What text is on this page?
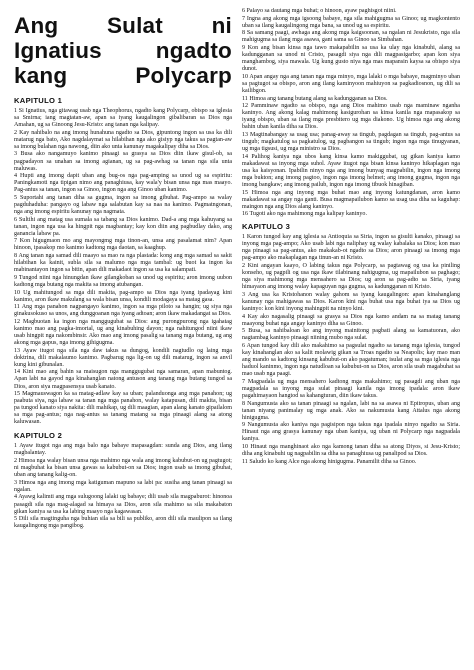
Ang Sulat ni Ignatius ngadto kang Polycarp
KAPITULO 1

1 Si Ignatius, nga gitawag usab nga Theophorus, ngadto kang Polycarp, obispo sa iglesia sa Smirna; iang magtatan-aw, apan sa iyang kaugalingon gibalibaran sa Dios nga Amahan, ug sa Ginoong Jesu-Kristo: ang tanan nga kalipay.

2 Kay nahibalo na ang imong hunahuna ngadto sa Dios, gipuntong ingon sa usa ka dili matarug nga bato, Ako nagdalaymat sa hilabihan nga ako gisiyp nga takus sa pagtan-aw sa imong bulahan nga nawong, diin ako unta kanunay magakalipay diha sa Dios.

3 Busa ako nangamuyo kanimo pinaagi sa grasya sa Dios diin ikaw gisul-ob, sa pagpadayon sa unahan sa imong agianan, ug sa pag-awhag sa tanan nga sila unta maluwas.

4 Hupti ang imong dapit uban ang bug-os nga pag-amping sa unod ug sa espiritu: Paningkamoti nga tipigan nimo ang panaghiusa, kay wala'y bisan unsa nga mas maayo. Pag-antus sa tanan, ingon sa Ginoo, ingon nga ang Ginoo uban kanimo.

5 Suportahi ang tanan diha sa gugma, ingon sa imong gibuhat. Pag-ampo sa walay pagduhaduha: pangayo og labaw nga salabutan kay sa naa na kanimo. Pagmatngonan, nga ang imong espiritu kanunay nga nagmata.

6 Sultihi ang matag usa sumala sa tabang sa Dios kanimo. Dad-a ang mga kahuyang sa tanan, ingon nga usa ka hingpit nga magbantay; kay kon diin ang pagbudlay dako, ang ganancia labaw pa.

7 Kon higugmaon mo ang mayongmg mga tinon-an, unsa ang pasalamat nim? Apan hinoon, ipasakop mo kanimo kadtong mga daotan, sa kaaghup.

8 Ang tanan nga samad dili maayo sa mao ra nga plastada: kong ang mga samad sa sakit hilabihan ka kainit, subla sila sa malumo nga mga tambal: ug buot ka ingon ka mabinantayon ingon sa bitin, apan dili makadaot ingon sa usa ka salampati.

9 Tungod niini nga hinungdan ikaw gilangkoban sa unod ug espiritu; aron imong uubon kadtong mga butang nga makita sa imong atubangan.

10 Ug mahitungod sa mga dili makita, pag-ampo sa Dios nga iyang ipadayag kini kanimo, aron ikaw makulang sa wala bisan unsa, kondili modagaya sa matag gasa.

11 Ang mga panahon nagpangayo kanimo, ingon sa mga piloto sa hangin; ug siya nga ginakusokuso sa unos, ang dunggoanan nga iyang adtoan; aron ikaw makadangat sa Dios.

12 Magbuotan ka ingon nga manggugubat sa Dios: ang purongpurong nga igahatag kanimo mao ang pagka-imortal, ug ang kinabuhing dayon; nga nahitungod niini ikaw usab hingpit nga nakombinsir. Ako mao ang imong pasalig sa tanang mga butang, ug ang akong mga gapus, nga imong gihigugma.

13 Ayaw itugot nga sila nga daw takus sa dungog, kondili nagtudlo og laing mga doktrina, dili makalaumo kanimo. Pagbarug nga lig-on ug dili matarug, ingon sa anvil kung kini gibunalan.

14 Kini mao ang bahin sa maisugon nga manggugubat nga samaran, apan mabuntog. Apan labi na gayod nga kinahanglan natong antuson ang tanang mga butang tungod sa Dios, aron siya magpasensya usab kanato.

15 Magmauswagon ka sa matag-adlaw kay sa uban; palanduonga ang mga panahon; ug paabuta siya, nga labaw sa tanan nga mga panahon, walay katapusan, dili makita, bisan pa tungod kanato siya nakita: dili mahikap, ug dili maagian, apan alang kanato gipailalom sa mga pag-antus; nga nag-antus sa tanang matang sa mga pinaagi alang sa atong kaluwasan.

KAPITULO 2

1 Ayaw itugot nga ang mga balo nga babaye mapasagdan: sunda ang Dios, ang ilang magbalantay.

2 Himoa nga walay bisan unsa nga mahimo nga wala ang imong kabubut-on ug pagtugot; ni magbuhat ka bisan unsa gawas sa kabubut-on sa Dios; ingon usab sa imong gibuhat, uban ang tanang kalig-on.

3 Himoa nga ang imong mga katiguman mapuno sa labi pa: susiha ang tanan pinaagi sa ngalan.

4 Ayawg kalimti ang mga sulugoong lalaki ug babaye; dili usab sila magpaburot: hinonoa pasagdi sila nga mag-alagad sa himaya sa Dios, aron sila mahimo sa sila makabaton gikan kaniya sa usa ka labing maayo nga kagawasan.

5 Dili sila magtinguha nga buhian sila sa bili sa publiko, aron dili sila maulipon sa ilang kaugalingong mga pangibog.

6 Palayo sa dautang mga buhat; o hinoon, ayaw paghisgot niini.

7 Ingna ang akong mga igsoong babaye, nga sila mahigugma sa Ginoo; ug magkontento uban sa ilang kaugalingong mga bana, sa unod ug sa espiritu.

8 Sa samang paagi, awhaga ang akong mga kaigsoonan, sa ngalan ni Jesukristo, nga sila mahigugma sa ilang mga asawa, gani sama sa Ginoo sa Simbahan.

9 Kon ang bisan kinsa nga tawo makapabilin sa usa ka ulay nga kinabuhi, alang sa kadungganan sa unod ni Cristo, pasagdi siya nga dili magpasigarbo; apan kon siya manghambog, siya mawala. Ug kung gusto niya nga mas mapansin kaysa sa obispo siya dunot.

10 Apan angay nga ang tanan nga mga minyo, mga lalaki o mga babaye, magminyo uban sa pagtugot sa obispo, aron ang ilang kaminyoon mahiuyon sa pagkadiosnon, ug dili sa kailibgon.

11 Himoa ang tanang butang alang sa kadungganan sa Dios.

12 Pamminaw ngadto sa obispo, nga ang Dios mahimo usab nga maminaw nganha kaninyo. Ang akong kalag mahimong kasigurohan sa kinsa kanila nga mapasakop sa iyang obispo, uban sa ilang mga presbitero ug mga diakono. Ug himoa nga ang akong bahin uban kanila diha sa Dios.

13 Magtinabangay sa usag usa; panag-away sa tingub, pagdagan sa tingub, pag-antus sa tingub; magkatulog sa pagkatulog, ug pagbangon sa tingub; ingon nga mga tinugyanan, ug mga tigsusi, ug mga ministro sa Dios.

14 Palihog kaniya nga ubos kang kinsa kamo makiggubat, ug gikan kaniya kamo makadawat sa inyong mga suhol. Ayaw itugot nga bisan kinsa kaninyo hikaplagan nga usa ka kaisyonan. Ipabilin ninyo nga ang imong bunyag magpabilin, ingon nga imong mga bukton; ang imong pagtoo, ingon nga imong helmet; ang imong gugma, ingon nga imong bangkaw; ang imong pailub, ingon nga imong tibuok hinagiban.

15 Himoa nga ang inyong mga buhat mao ang inyong katungdanan, aron kamo makadawat sa angay nga ganti. Busa magmapailubon kamo sa usag usa diha sa kaguhap: maingon nga ang Dios alang kaninyo.

16 Tugoti ako nga mahimong mga kalipay kaninyo.

KAPITULO 3

1 Karon tungod kay ang iglesia sa Antioquia sa Siria, ingon sa gisulti kanako, pinaagi sa inyong mga pag-ampo; Ako usab labi nga naliphay ug walay kabalaka sa Dios; kon mao nga pinaagi sa pag-antus, ako makakab-ot ngadto sa Dios; aron pinaagi sa imong mga pag-ampo ako makaplagan nga tinun-an ni Kristo.

2 Kini angayan kaayo, O labing takus nga Polycarp, sa pagtawag og usa ka piniling konseho, ug pagpili og usa nga ikaw tilabinang nahigugma, ug mapailubon sa paghago; nga siya mahimong mga mensahero sa Dios; ug aron sa pag-adto sa Siria, iyang himayaon ang imong walay kapaguyan nga gugma, sa kadungganan ni Kristo.

3 Ang usa ka Kristohanon walay gahom sa iyang kaugalingon: apan kinahanglang kanunay nga mahigawas sa Dios. Karon kini nga buhat usa nga buhat iya sa Dios ug kaninyo: kon kini inyong mahingpit na ninyo kini.

4 Kay ako nagasalig pinaagi sa grasya sa Dios nga kamo andam na sa matag tanang maayong buhat nga angay kaninyo diha sa Ginoo.

5 Busa, sa nahibaloan ko ang inyong mainitong pagbati alang sa kamatuoran, ako nagtambag kaninyo pinaagi niining mubo nga sulat.

6 Apan tungod kay dili ako makahimo sa pagsulat ngadto sa tanang mga iglesia, tungod kay kinahanglan ako sa kalit molawig gikan sa Troas ngadto sa Neapolis; kay mao man ang mando sa kadtong kinsang kabubut-on ako pagatuman; isulat ang sa mga iglesia nga haduol kaninmo, ingon nga natudloan sa kabubut-on sa Dios, aron sila usab magabuhat sa mao usab nga paagi.

7 Magpadala ug mga mensahero kadtong mga makahimo; ug pasagdi ang uban nga magpadala sa inyong mga sulat pinaagi kanila nga imong ipadala: aron ikaw pagahimayaon hangtod sa kahangturan, diin ikaw takus.

8 Nangumusta ako sa tanan pinaagi sa ngalan, labi na sa asawa ni Epitropus, uban ang tanan niyang panimalay ug mga anak. Ako sa nakumusta kang Attalus nga akong hinigugma.

9 Nangumusta ako kaniya nga pagisipon nga takus nga ipadala ninyo ngadto sa Siria. Hinaut nga ang grasya kanunay nga uban kaniya, ug uban ni Polycarp nga nagpadala kaniya.

10 Hinaut nga manghinaot ako nga kamong tanan diha sa atong Diyos, si Jesu-Kristo; diha ang kinabuhi ug nagpabilin sa diha sa panaghiusa ug panalipod sa Dios.

11 Saludo ko kang Alce nga akong hinigugma. Panamilit diha sa Ginoo.
